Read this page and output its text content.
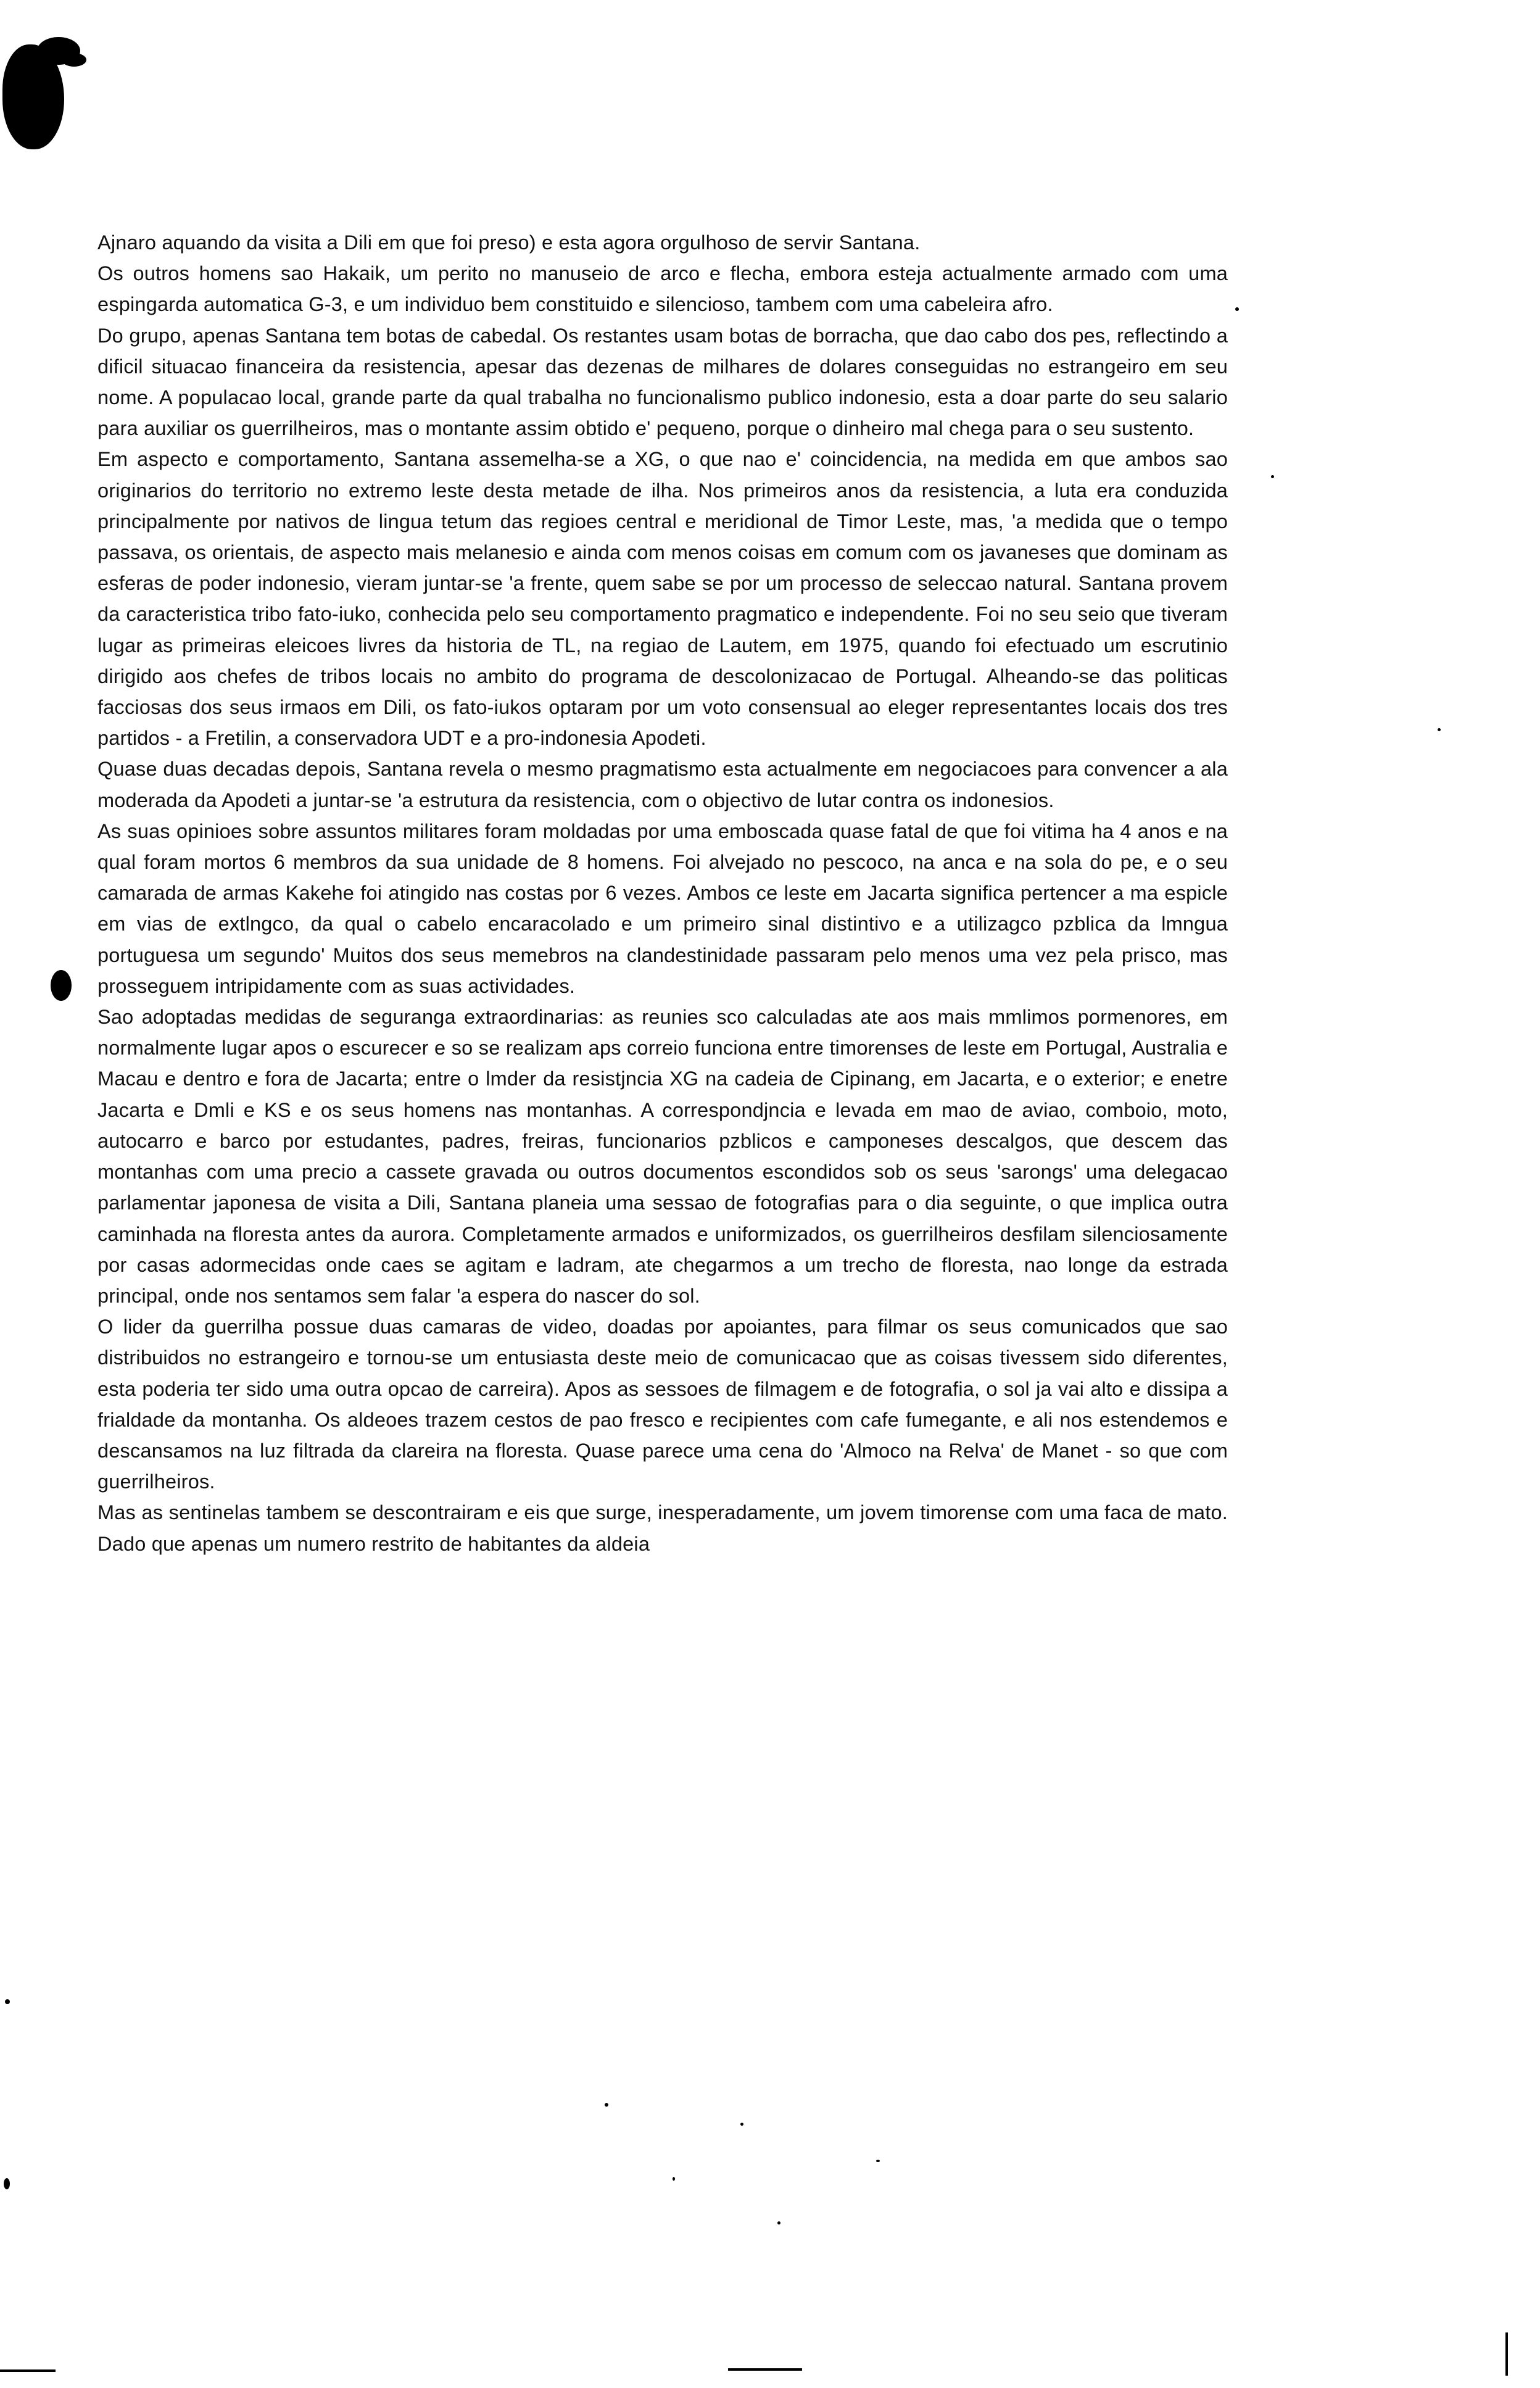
Ajnaro aquando da visita a Dili em que foi preso) e esta agora orgulhoso de servir Santana.

Os outros homens sao Hakaik, um perito no manuseio de arco e flecha, embora esteja actualmente armado com uma espingarda automatica G-3, e um individuo bem constituido e silencioso, tambem com uma cabeleira afro.

Do grupo, apenas Santana tem botas de cabedal. Os restantes usam botas de borracha, que dao cabo dos pes, reflectindo a dificil situacao financeira da resistencia, apesar das dezenas de milhares de dolares conseguidas no estrangeiro em seu nome. A populacao local, grande parte da qual trabalha no funcionalismo publico indonesio, esta a doar parte do seu salario para auxiliar os guerrilheiros, mas o montante assim obtido e' pequeno, porque o dinheiro mal chega para o seu sustento.

Em aspecto e comportamento, Santana assemelha-se a XG, o que nao e' coincidencia, na medida em que ambos sao originarios do territorio no extremo leste desta metade de ilha. Nos primeiros anos da resistencia, a luta era conduzida principalmente por nativos de lingua tetum das regioes central e meridional de Timor Leste, mas, 'a medida que o tempo passava, os orientais, de aspecto mais melanesio e ainda com menos coisas em comum com os javaneses que dominam as esferas de poder indonesio, vieram juntar-se 'a frente, quem sabe se por um processo de seleccao natural. Santana provem da caracteristica tribo fato-iuko, conhecida pelo seu comportamento pragmatico e independente. Foi no seu seio que tiveram lugar as primeiras eleicoes livres da historia de TL, na regiao de Lautem, em 1975, quando foi efectuado um escrutinio dirigido aos chefes de tribos locais no ambito do programa de descolonizacao de Portugal. Alheando-se das politicas facciosas dos seus irmaos em Dili, os fato-iukos optaram por um voto consensual ao eleger representantes locais dos tres partidos - a Fretilin, a conservadora UDT e a pro-indonesia Apodeti.

Quase duas decadas depois, Santana revela o mesmo pragmatismo esta actualmente em negociacoes para convencer a ala moderada da Apodeti a juntar-se 'a estrutura da resistencia, com o objectivo de lutar contra os indonesios.

As suas opinioes sobre assuntos militares foram moldadas por uma emboscada quase fatal de que foi vitima ha 4 anos e na qual foram mortos 6 membros da sua unidade de 8 homens. Foi alvejado no pescoco, na anca e na sola do pe, e o seu camarada de armas Kakehe foi atingido nas costas por 6 vezes. Ambos ce leste em Jacarta significa pertencer a ma espicle em vias de extlngco, da qual o cabelo encaracolado e um primeiro sinal distintivo e a utilizagco pzblica da lmngua portuguesa um segundo' Muitos dos seus memebros na clandestinidade passaram pelo menos uma vez pela prisco, mas prosseguem intripidamente com as suas actividades.

Sao adoptadas medidas de seguranga extraordinarias: as reunies sco calculadas ate aos mais mmlimos pormenores, em normalmente lugar apos o escurecer e so se realizam aps correio funciona entre timorenses de leste em Portugal, Australia e Macau e dentro e fora de Jacarta; entre o lmder da resistjncia XG na cadeia de Cipinang, em Jacarta, e o exterior; e enetre Jacarta e Dmli e KS e os seus homens nas montanhas. A correspondjncia e levada em mao de aviao, comboio, moto, autocarro e barco por estudantes, padres, freiras, funcionarios pzblicos e camponeses descalgos, que descem das montanhas com uma precio a cassete gravada ou outros documentos escondidos sob os seus 'sarongs' uma delegacao parlamentar japonesa de visita a Dili, Santana planeia uma sessao de fotografias para o dia seguinte, o que implica outra caminhada na floresta antes da aurora. Completamente armados e uniformizados, os guerrilheiros desfilam silenciosamente por casas adormecidas onde caes se agitam e ladram, ate chegarmos a um trecho de floresta, nao longe da estrada principal, onde nos sentamos sem falar 'a espera do nascer do sol.

O lider da guerrilha possue duas camaras de video, doadas por apoiantes, para filmar os seus comunicados que sao distribuidos no estrangeiro e tornou-se um entusiasta deste meio de comunicacao que as coisas tivessem sido diferentes, esta poderia ter sido uma outra opcao de carreira). Apos as sessoes de filmagem e de fotografia, o sol ja vai alto e dissipa a frialdade da montanha. Os aldeoes trazem cestos de pao fresco e recipientes com cafe fumegante, e ali nos estendemos e descansamos na luz filtrada da clareira na floresta. Quase parece uma cena do 'Almoco na Relva' de Manet - so que com guerrilheiros.

Mas as sentinelas tambem se descontrairam e eis que surge, inesperadamente, um jovem timorense com uma faca de mato. Dado que apenas um numero restrito de habitantes da aldeia
